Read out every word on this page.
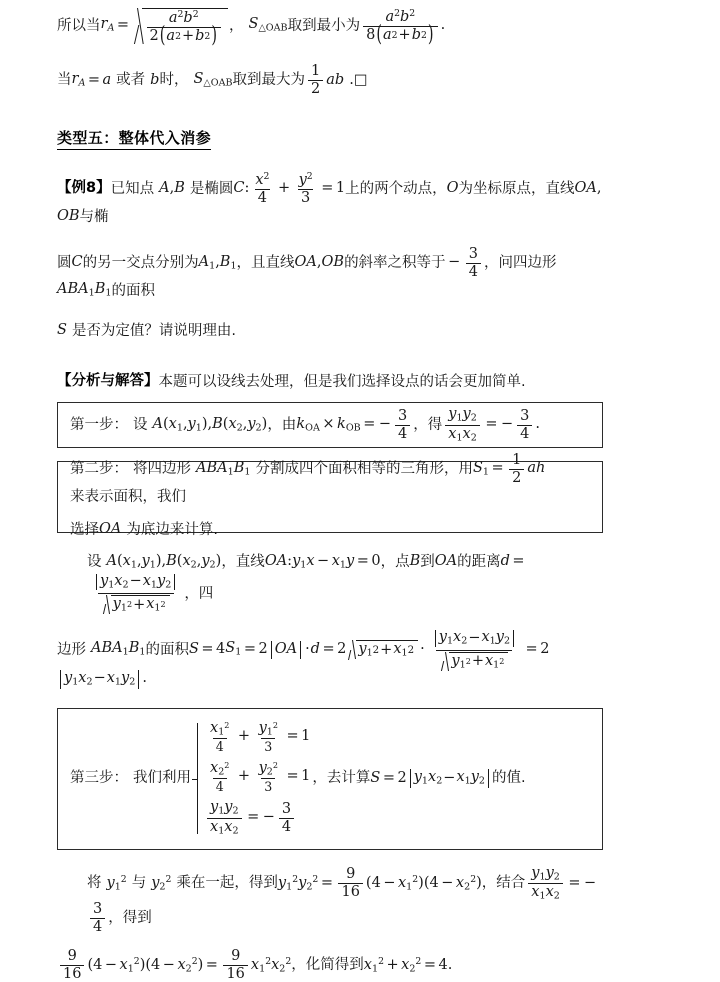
所以当 $r_A = \frac{a^2b^2}{2 ( a 2 + b 2 )}$ ， $S_{\triangle OAB}$ 取到最小为 $\frac{a^2b^2}{8 ( a 2 + b 2 )}$ .
当 $r_A = a$ 或者 b 时， $S_{\triangle OAB}$ 取到最大为 $\frac{1}{2}$ ab .□
类型五：整体代入消参
【例8】 已知点 A , B 是椭圆 C : $\frac{x^2}{4} + \frac{y^2}{3} = 1$ 上的两个动点， O 为坐标原点，直线 OA ,
OB 与椭
圆 C 的另一交点分别为 $A_1$ , $B_1$ ，且直线 OA , OB 的斜率之积等于 − $\frac{3}{4}$ ，问四边形
$ABA_1B_1$ 的面积
S 是否为定值？请说明理由.
【分析与解答】 本题可以设线去处理，但是我们选择设点的话会更加简单.
第一步： 设 $A(x_1,y_1)$ , $B(x_2,y_2)$ ，由 $k_{OA} \times k_{OB}$ = − $\frac{3}{4}$ ，得 $\frac{y_1y_2}{x_1x_2}$ = − $\frac{3}{4}$ .
第二步： 将四边形 $ABA_1B_1$ 分割成四个面积相等的三角形，用 $S_1 = \frac{1}{2}$ ah
来表示面积，我们
选择 OA 为底边来计算.
设 $A(x_1,y_1)$ , $B(x_2,y_2)$ ，直线 OA : $y_1x - x_1y = 0$ ，点 B 到 OA 的距离 d =
$\frac{y_1x_2 - x_1y_2}{y_1 2 + x_1 2}$ ，四
边形 $ABA_1B_1$ 的面积 S = 4 $S_1 = 2$ OA · d = 2 $y_1$ $2 + x_1$ $2 \cdot \frac{y_1x_2 - x_1y_2}{y_1 2 + x_1 2} = 2$
$y_1x_2 - x_1y_2$ .
第三步： 我们利用
$\frac{x_1^2}{4} + \frac{y_1^2}{3} = 1$
$\frac{x_2^2}{4} + \frac{y_2^2}{3} = 1$
$\frac{y_1y_2}{x_1x_2}$ = − $\frac{3}{4}$
，去计算 S = 2 $y_1x_2 - x_1y_2$ 的值.
将 $y_1^2$ 与 $y_2^2$ 乘在一起，得到 $y_1^2y_2^2 = \frac{9}{16}$ ( $4 - x_1^2$ ) ( $4 - x_2^2$ ) ，结合 $\frac{y_1y_2}{x_1x_2}$ = −
$\frac{3}{4}$ ，得到
$\frac{9}{16}$ ( $4 - x_1^2$ ) ( $4 - x_2^2$ ) = $\frac{9}{16} x_1^2x_2^2$ ，化简得到 $x_1^2 + x_2^2 = 4$ .
